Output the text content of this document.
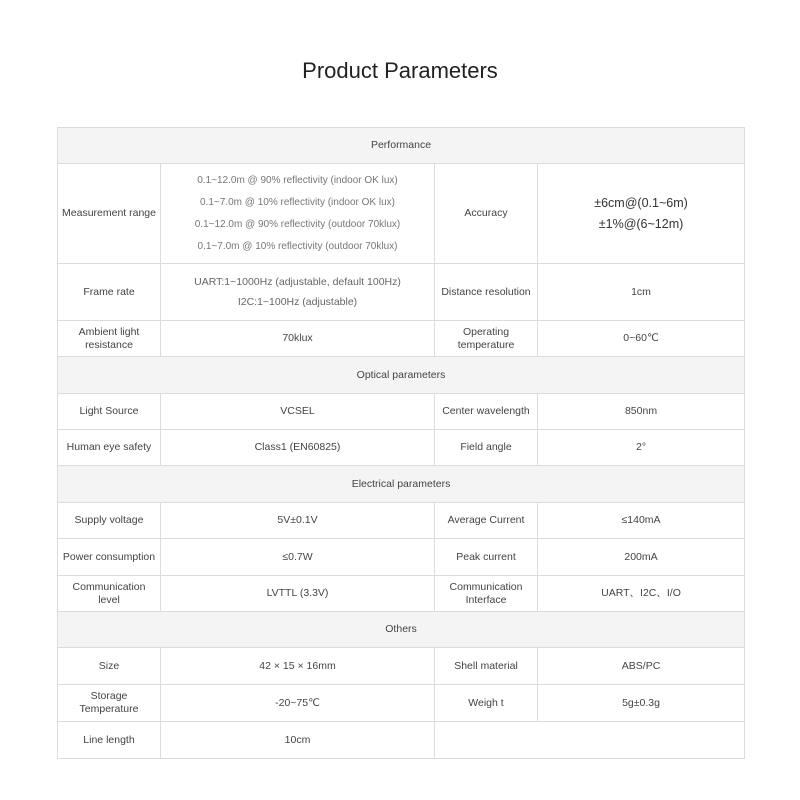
Product Parameters
Performance			
Measurement range	0.1~12.0m @ 90% reflectivity (indoor OK lux)
0.1~7.0m @ 10% reflectivity (indoor OK lux)
0.1~12.0m @ 90% reflectivity (outdoor 70klux)
0.1~7.0m @ 10% reflectivity (outdoor 70klux)	Accuracy	±6cm@(0.1~6m)
±1%@(6~12m)

Frame rate	UART:1~1000Hz (adjustable, default 100Hz)
I2C:1~100Hz (adjustable)	Distance resolution	1cm
Ambient light resistance	70klux	Operating temperature	0~60℃
Optical parameters			
Light Source	VCSEL	Center wavelength	850nm
Human eye safety	Class1 (EN60825)	Field angle	2°
Electrical parameters			
Supply voltage	5V±0.1V	Average Current	≤140mA
Power consumption	≤0.7W	Peak current	200mA
Communication level	LVTTL (3.3V)	Communication Interface	UART、I2C、I/O
Others			
Size	42 × 15 × 16mm	Shell material	ABS/PC
Storage Temperature	-20~75℃	Weigh t	5g±0.3g
Line length	10cm		
